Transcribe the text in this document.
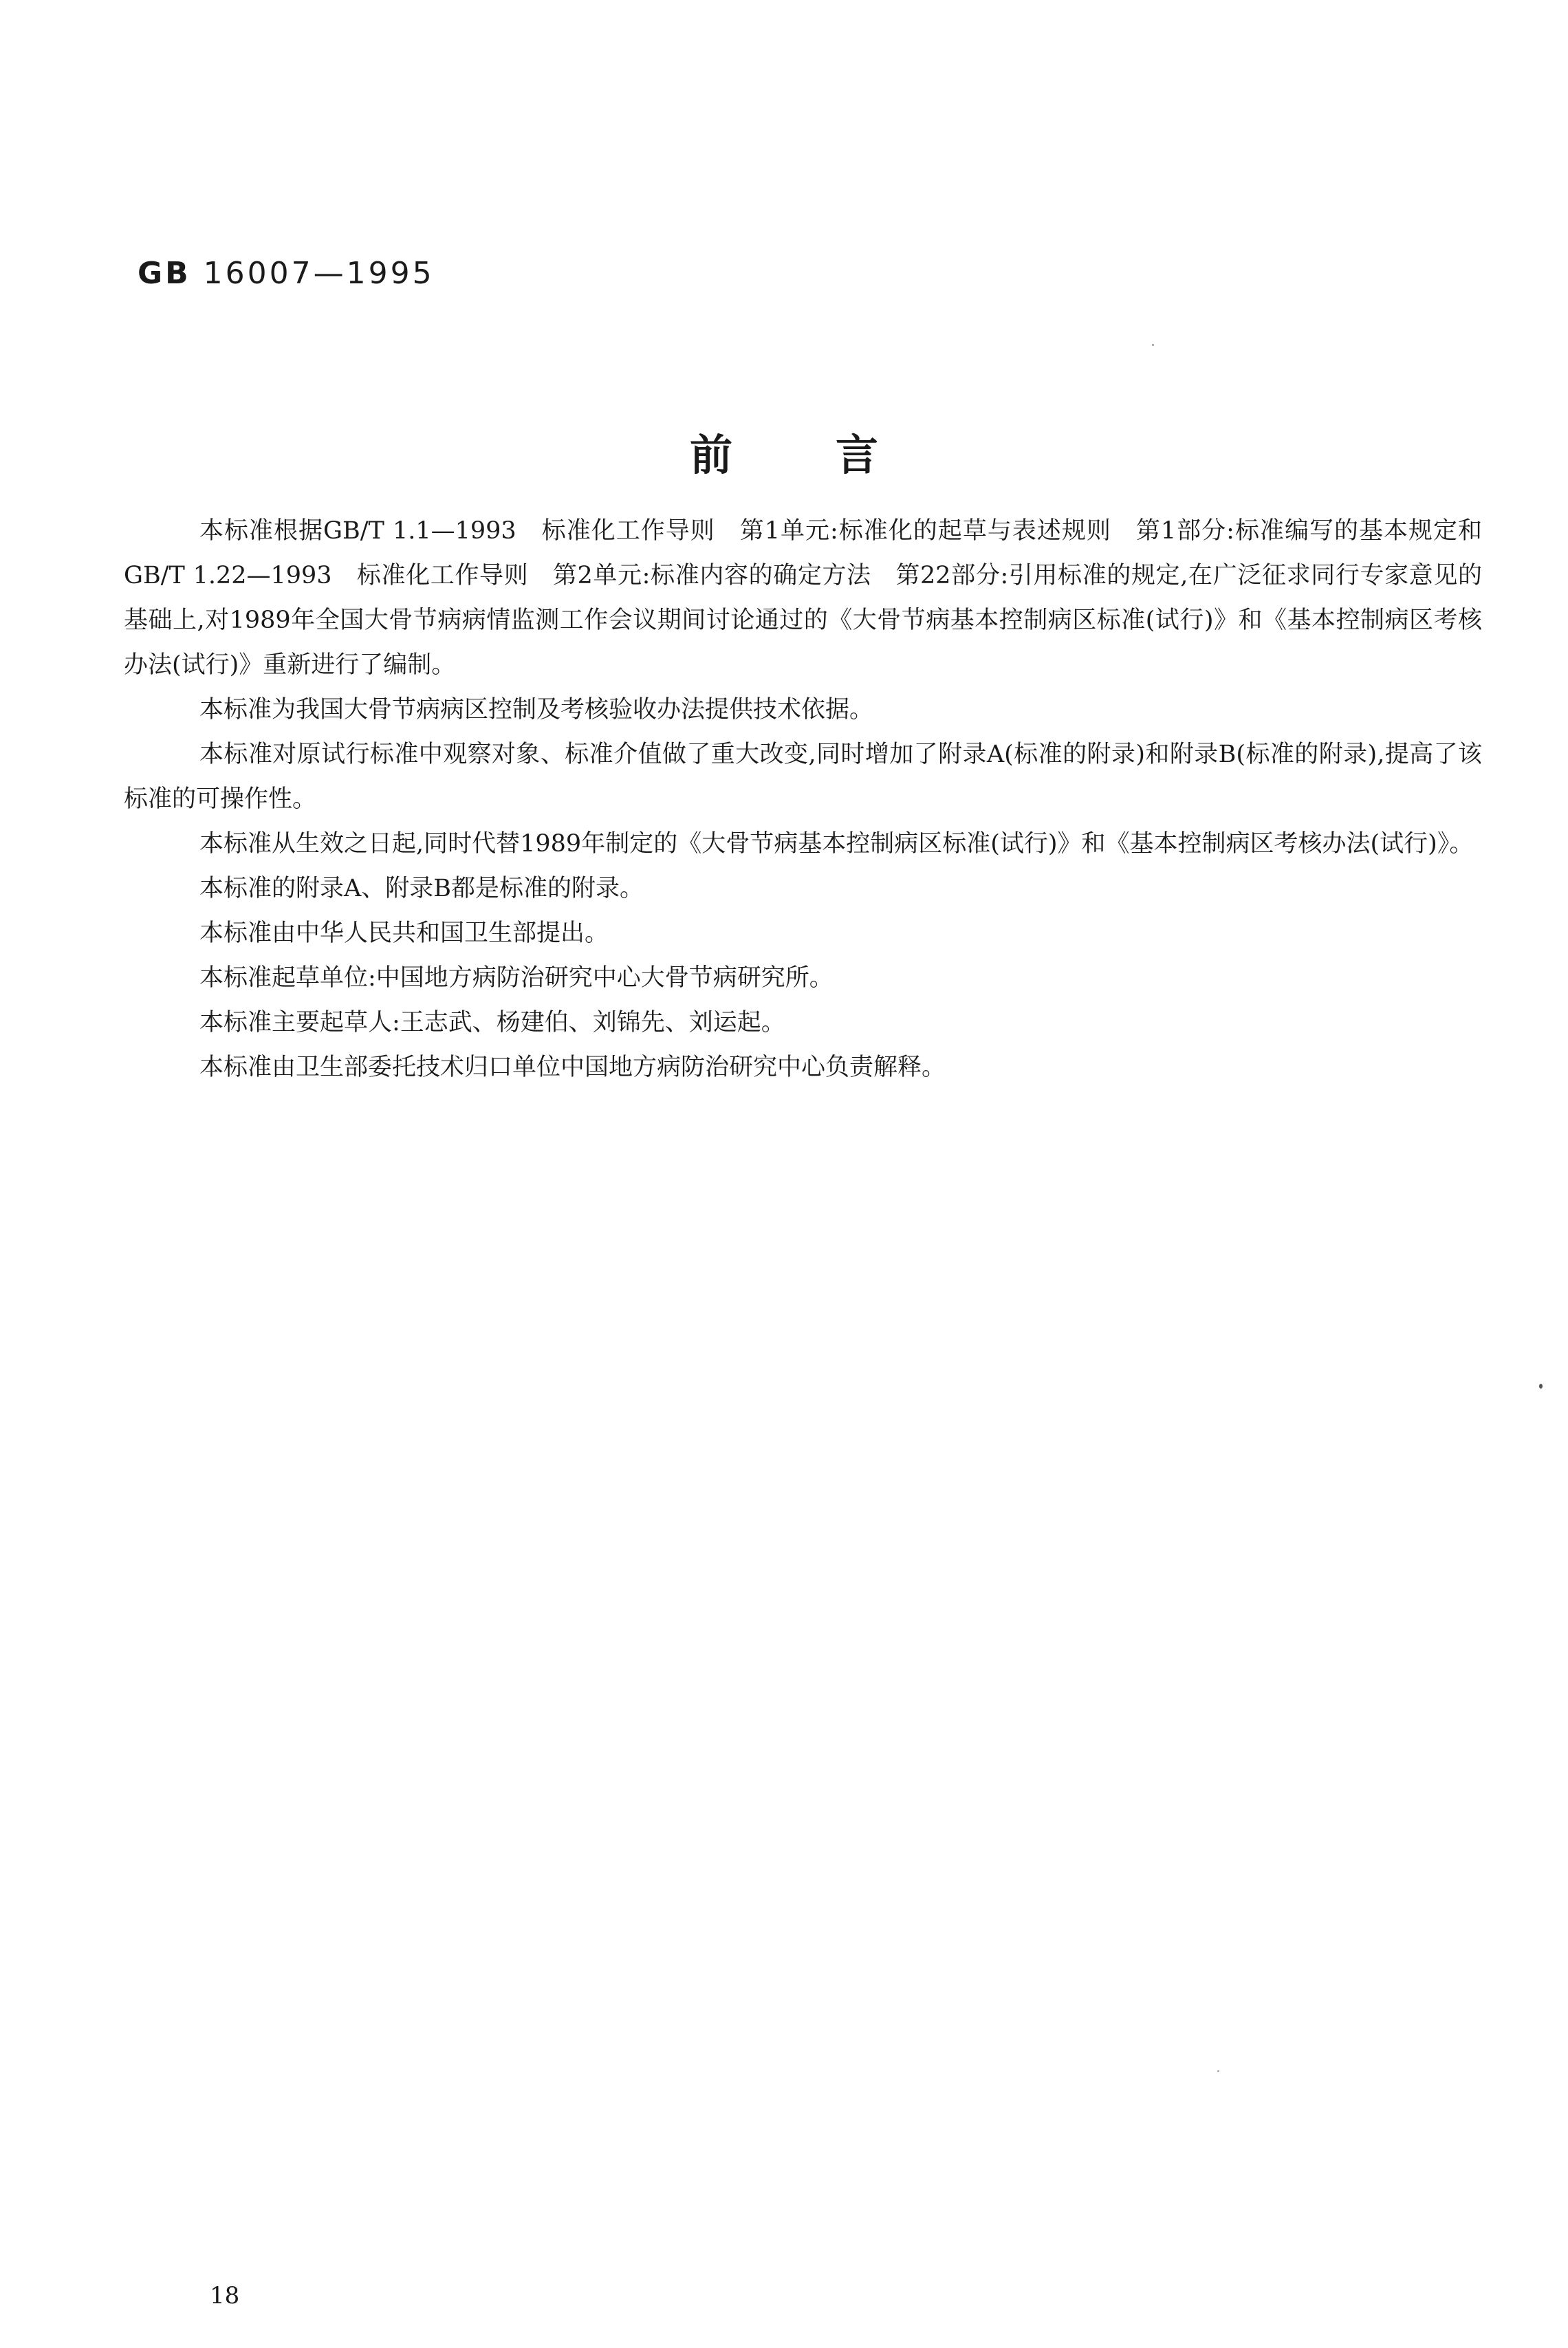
GB 16007—1995
前言

本标准根据GB/T 1.1—1993　标准化工作导则　第1单元:标准化的起草与表述规则　第1部分:标准编写的基本规定和GB/T 1.22—1993　标准化工作导则　第2单元:标准内容的确定方法　第22部分:引用标准的规定,在广泛征求同行专家意见的基础上,对1989年全国大骨节病病情监测工作会议期间讨论通过的《大骨节病基本控制病区标准(试行)》和《基本控制病区考核办法(试行)》重新进行了编制。

本标准为我国大骨节病病区控制及考核验收办法提供技术依据。

本标准对原试行标准中观察对象、标准介值做了重大改变,同时增加了附录A(标准的附录)和附录B(标准的附录),提高了该标准的可操作性。

本标准从生效之日起,同时代替1989年制定的《大骨节病基本控制病区标准(试行)》和《基本控制病区考核办法(试行)》。

本标准的附录A、附录B都是标准的附录。

本标准由中华人民共和国卫生部提出。

本标准起草单位:中国地方病防治研究中心大骨节病研究所。

本标准主要起草人:王志武、杨建伯、刘锦先、刘运起。

本标准由卫生部委托技术归口单位中国地方病防治研究中心负责解释。

18
